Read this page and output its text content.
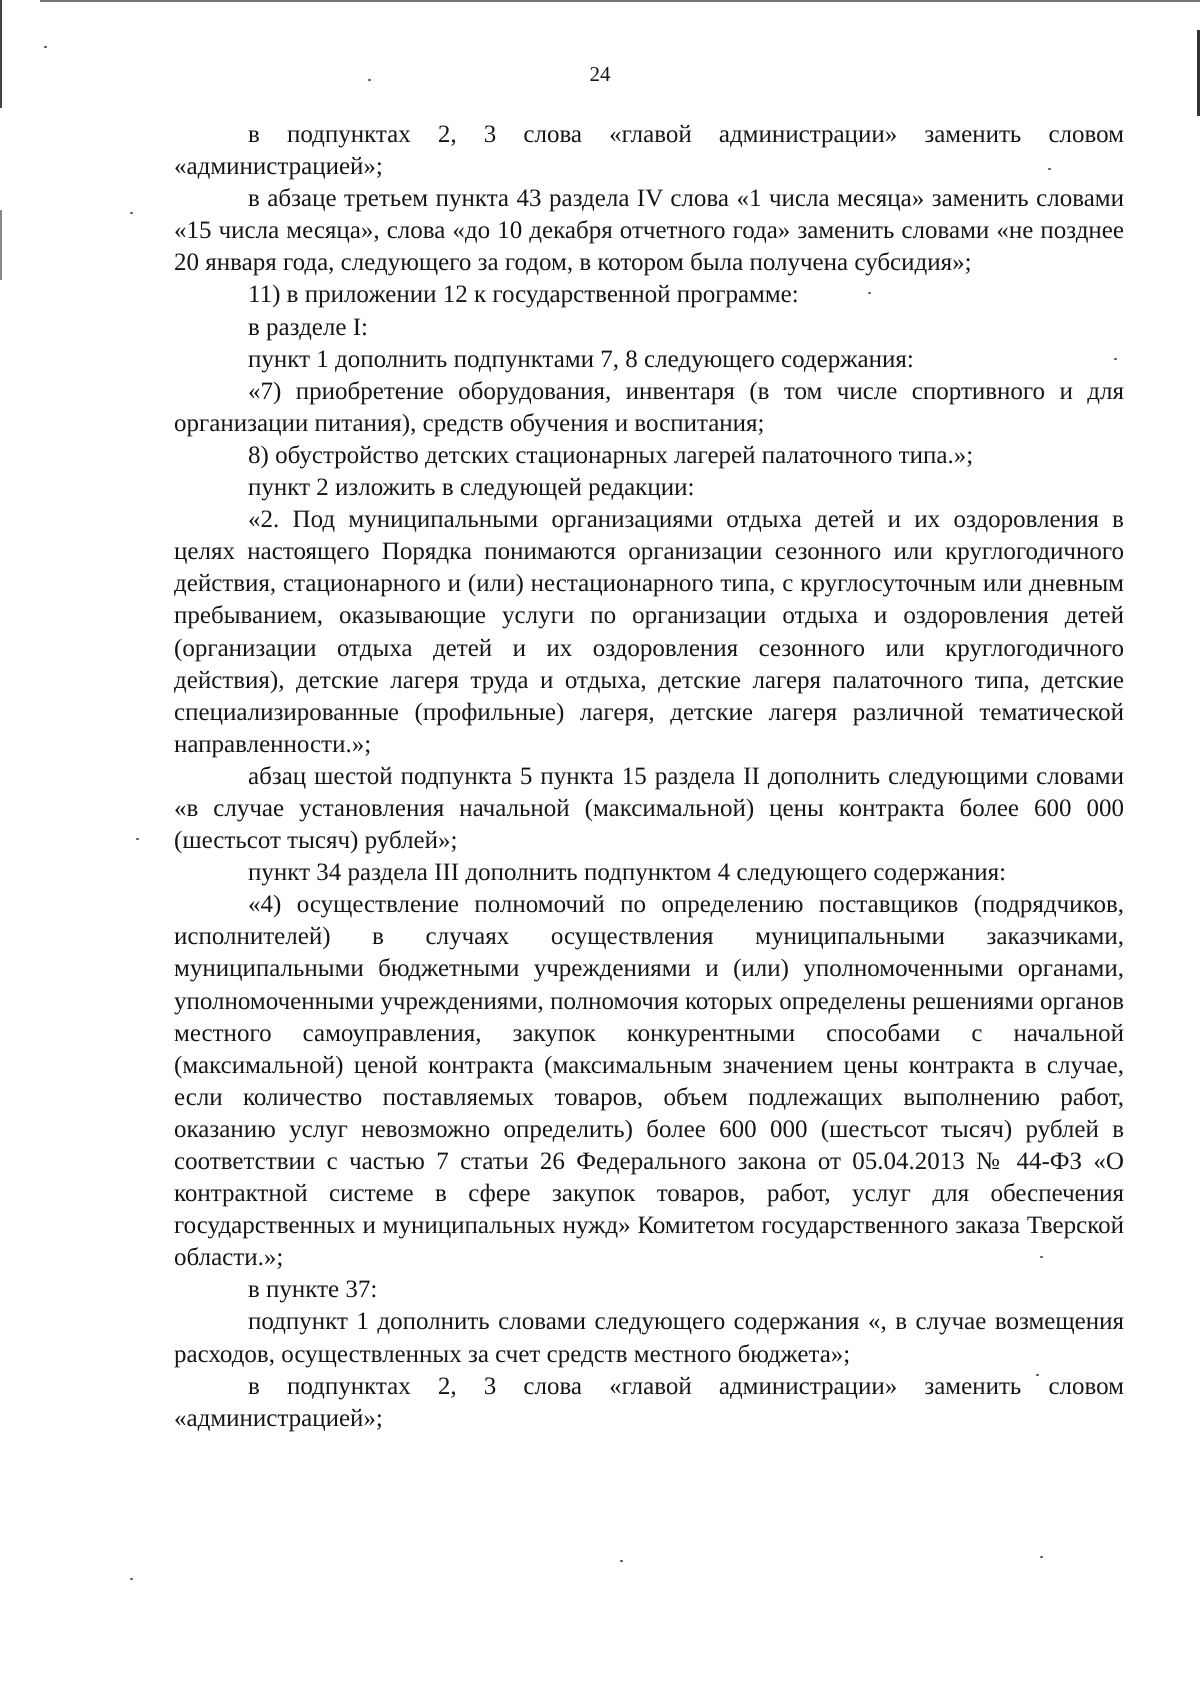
24

в подпунктах 2, 3 слова «главой администрации» заменить словом «администрацией»;

в абзаце третьем пункта 43 раздела IV слова «1 числа месяца» заменить словами «15 числа месяца», слова «до 10 декабря отчетного года» заменить словами «не позднее 20 января года, следующего за годом, в котором была получена субсидия»;

11) в приложении 12 к государственной программе:

в разделе I:

пункт 1 дополнить подпунктами 7, 8 следующего содержания:

«7) приобретение оборудования, инвентаря (в том числе спортивного и для организации питания), средств обучения и воспитания;

8) обустройство детских стационарных лагерей палаточного типа.»;

пункт 2 изложить в следующей редакции:

«2. Под муниципальными организациями отдыха детей и их оздоровления в целях настоящего Порядка понимаются организации сезонного или круглогодичного действия, стационарного и (или) нестационарного типа, с круглосуточным или дневным пребыванием, оказывающие услуги по организации отдыха и оздоровления детей (организации отдыха детей и их оздоровления сезонного или круглогодичного действия), детские лагеря труда и отдыха, детские лагеря палаточного типа, детские специализированные (профильные) лагеря, детские лагеря различной тематической направленности.»;

абзац шестой подпункта 5 пункта 15 раздела II дополнить следующими словами «в случае установления начальной (максимальной) цены контракта более 600 000 (шестьсот тысяч) рублей»;

пункт 34 раздела III дополнить подпунктом 4 следующего содержания:

«4) осуществление полномочий по определению поставщиков (подрядчиков, исполнителей) в случаях осуществления муниципальными заказчиками, муниципальными бюджетными учреждениями и (или) уполномоченными органами, уполномоченными учреждениями, полномочия которых определены решениями органов местного самоуправления, закупок конкурентными способами с начальной (максимальной) ценой контракта (максимальным значением цены контракта в случае, если количество поставляемых товаров, объем подлежащих выполнению работ, оказанию услуг невозможно определить) более 600 000 (шестьсот тысяч) рублей в соответствии с частью 7 статьи 26 Федерального закона от 05.04.2013 № 44-ФЗ «О контрактной системе в сфере закупок товаров, работ, услуг для обеспечения государственных и муниципальных нужд» Комитетом государственного заказа Тверской области.»;

в пункте 37:

подпункт 1 дополнить словами следующего содержания «, в случае возмещения расходов, осуществленных за счет средств местного бюджета»;

в подпунктах 2, 3 слова «главой администрации» заменить словом «администрацией»;
